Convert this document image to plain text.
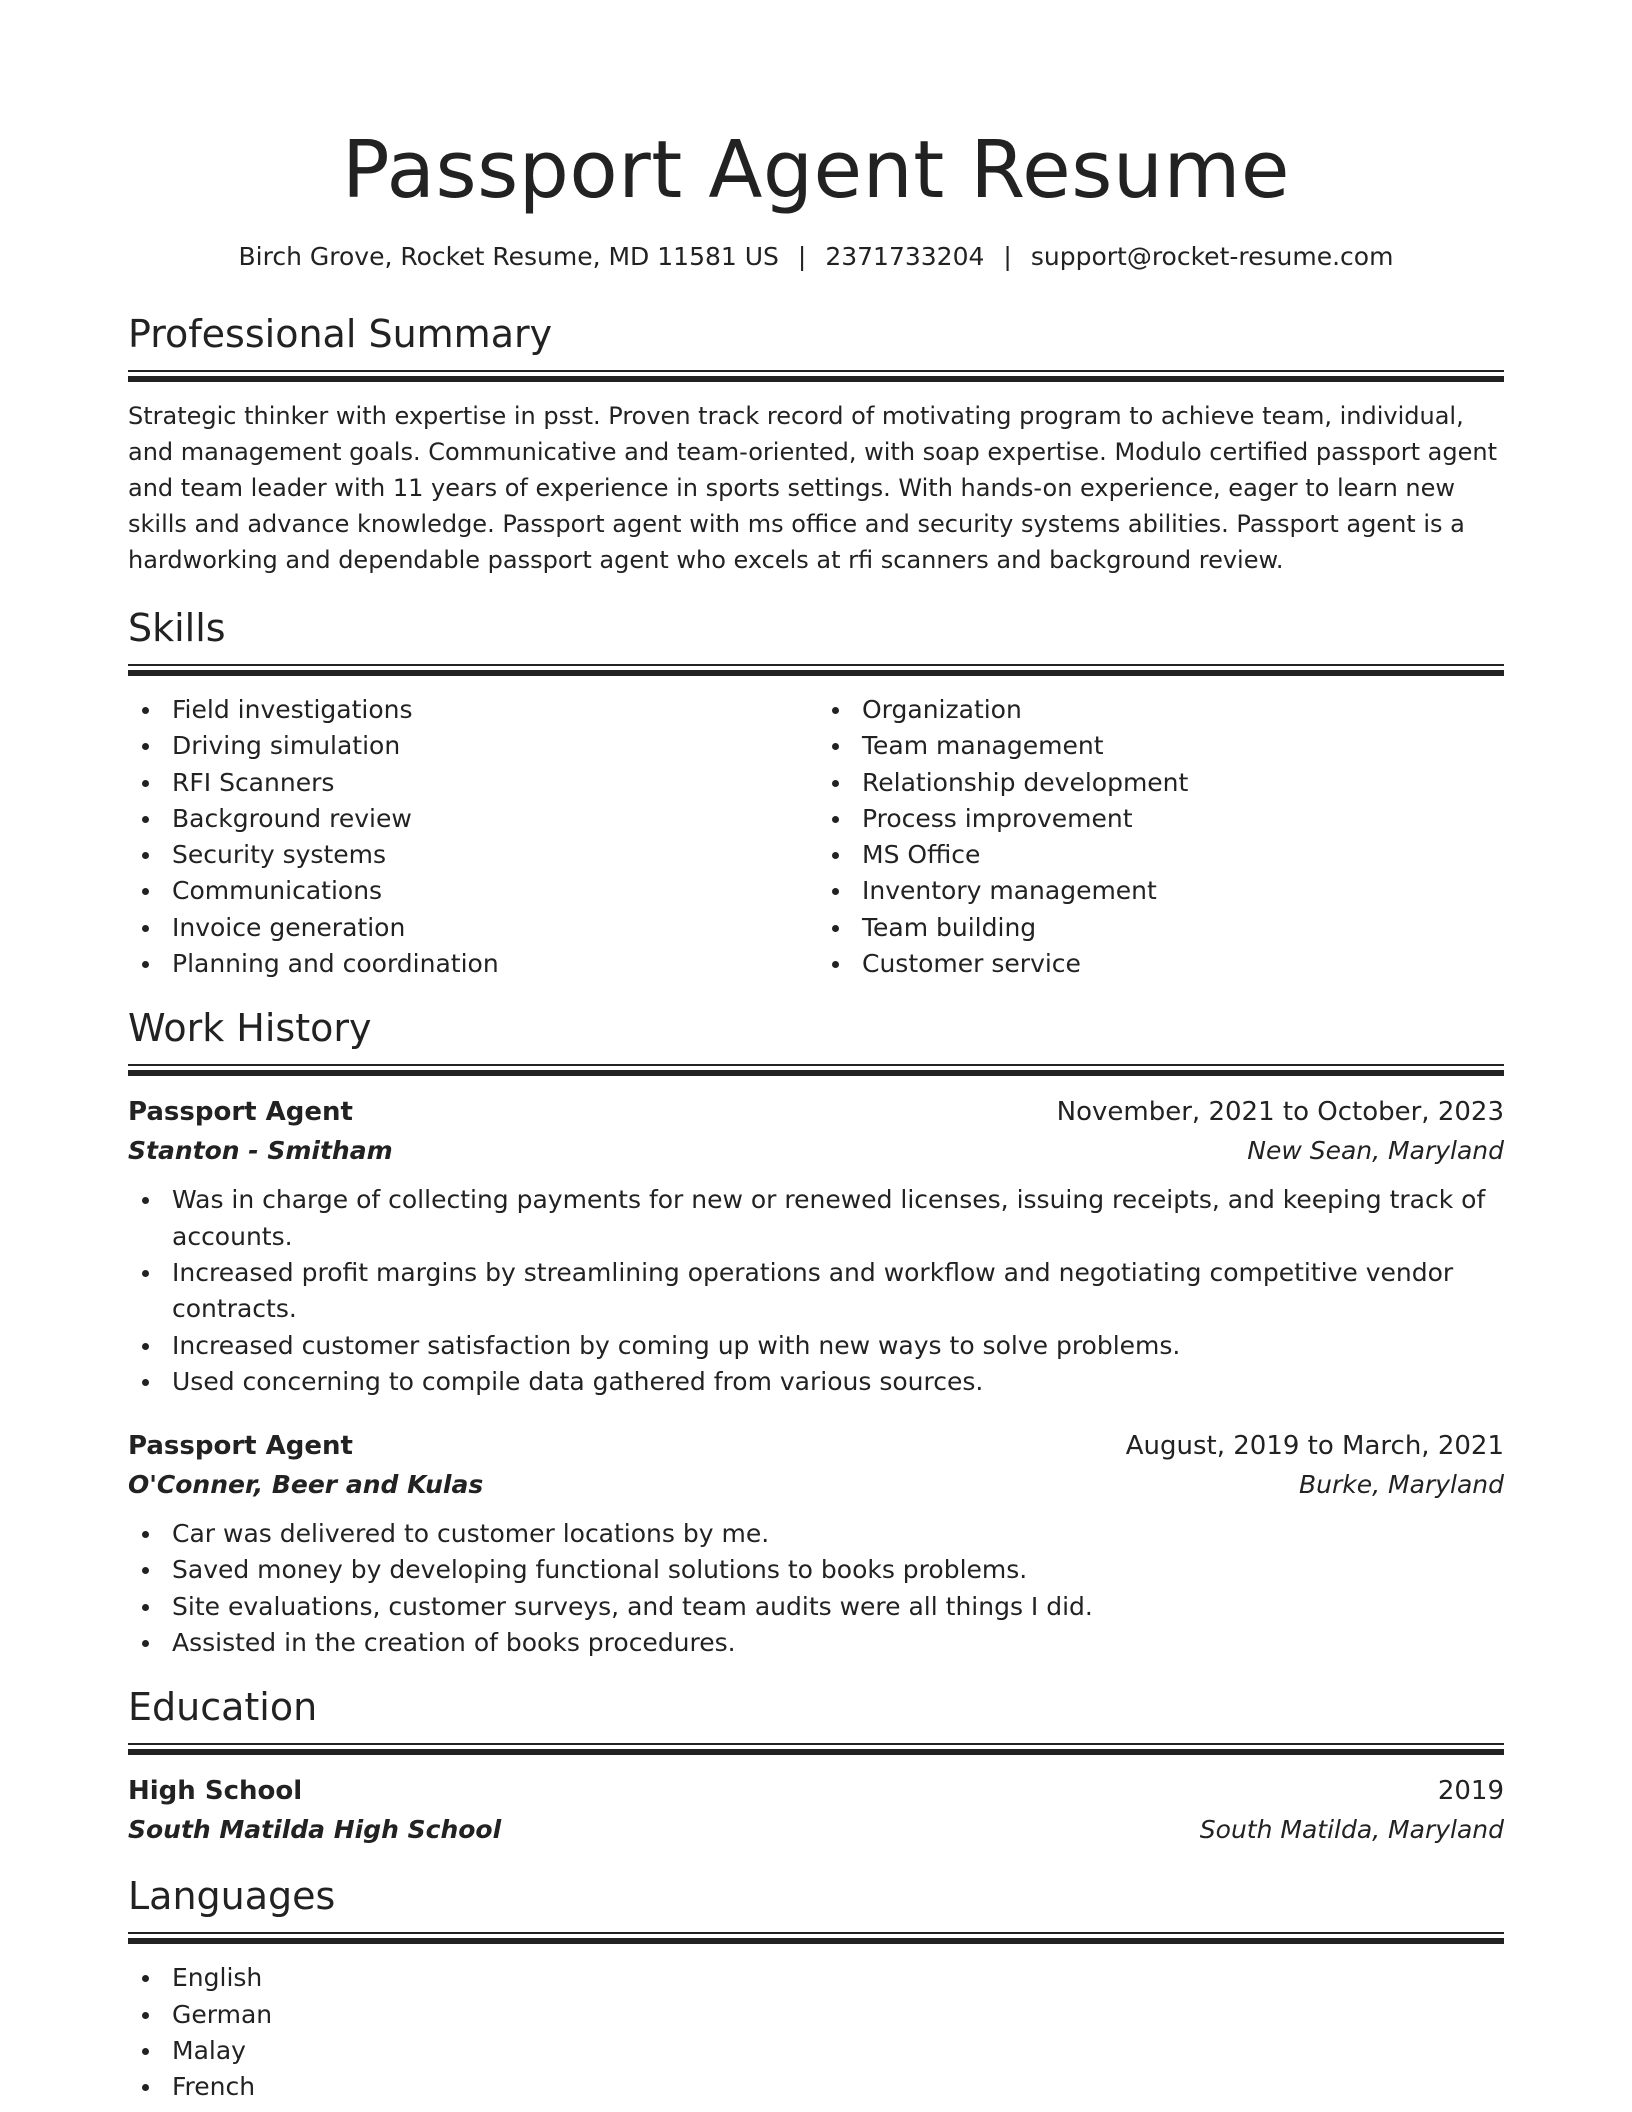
Passport Agent Resume
Birch Grove, Rocket Resume, MD 11581 US | 2371733204 | support@rocket-resume.com
Professional Summary
Strategic thinker with expertise in psst. Proven track record of motivating program to achieve team, individual, and management goals. Communicative and team-oriented, with soap expertise. Modulo certified passport agent and team leader with 11 years of experience in sports settings. With hands-on experience, eager to learn new skills and advance knowledge. Passport agent with ms office and security systems abilities. Passport agent is a hardworking and dependable passport agent who excels at rfi scanners and background review.
Skills
Field investigations
Driving simulation
RFI Scanners
Background review
Security systems
Communications
Invoice generation
Planning and coordination
Organization
Team management
Relationship development
Process improvement
MS Office
Inventory management
Team building
Customer service
Work History
Passport Agent	November, 2021 to October, 2023
Stanton - Smitham	New Sean, Maryland
Was in charge of collecting payments for new or renewed licenses, issuing receipts, and keeping track of accounts.
Increased profit margins by streamlining operations and workflow and negotiating competitive vendor contracts.
Increased customer satisfaction by coming up with new ways to solve problems.
Used concerning to compile data gathered from various sources.
Passport Agent	August, 2019 to March, 2021
O'Conner, Beer and Kulas	Burke, Maryland
Car was delivered to customer locations by me.
Saved money by developing functional solutions to books problems.
Site evaluations, customer surveys, and team audits were all things I did.
Assisted in the creation of books procedures.
Education
High School	2019
South Matilda High School	South Matilda, Maryland
Languages
English
German
Malay
French
